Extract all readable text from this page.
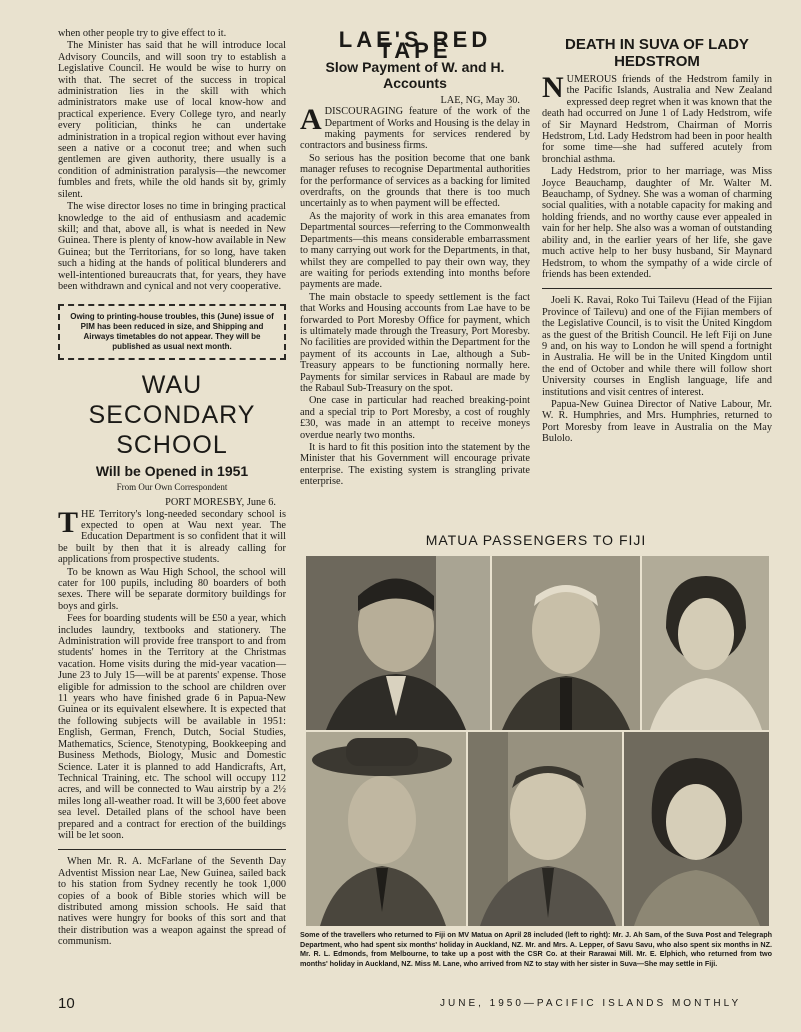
when other people try to give effect to it.

The Minister has said that he will introduce local Advisory Councils, and will soon try to establish a Legislative Council. He would be wise to hurry on with that. The secret of the success in tropical administration lies in the skill with which administrators make use of local know-how and practical experience. Every College tyro, and nearly every politician, thinks he can undertake administration in a tropical region without ever having seen a native or a coconut tree; and when such gentlemen are given authority, there usually is a condition of administration paralysis—the newcomer fumbles and frets, while the old hands sit by, grimly silent.

The wise director loses no time in bringing practical knowledge to the aid of enthusiasm and academic skill; and that, above all, is what is needed in New Guinea. There is plenty of know-how available in New Guinea; but the Territorians, for so long, have taken such a hiding at the hands of political blunderers and well-intentioned bureaucrats that, for years, they have been withdrawn and cynical and not very cooperative.

Owing to printing-house troubles, this (June) issue of PIM has been reduced in size, and Shipping and Airways timetables do not appear. They will be published as usual next month.
WAU SECONDARY SCHOOL
Will be Opened in 1951
From Our Own Correspondent
PORT MORESBY, June 6.

THE Territory's long-needed secondary school is expected to open at Wau next year. The Education Department is so confident that it will be built by then that it is already calling for applications from prospective students.

To be known as Wau High School, the school will cater for 100 pupils, including 80 boarders of both sexes. There will be separate dormitory buildings for boys and girls.

Fees for boarding students will be £50 a year, which includes laundry, textbooks and stationery. The Administration will provide free transport to and from students' homes in the Territory at the Christmas vacation. Home visits during the mid-year vacation—June 23 to July 15—will be at parents' expense. Those eligible for admission to the school are children over 11 years who have finished grade 6 in Papua-New Guinea or its equivalent elsewhere. It is expected that the following subjects will be available in 1951: English, German, French, Dutch, Social Studies, Mathematics, Science, Stenotyping, Bookkeeping and Business Methods, Biology, Music and Domestic Science. Later it is planned to add Handicrafts, Art, Technical Training, etc. The school will occupy 112 acres, and will be connected to Wau airstrip by a 2½ miles long all-weather road. It will be 3,600 feet above sea level. Detailed plans of the school have been prepared and a contract for erection of the buildings will be let soon.

When Mr. R. A. McFarlane of the Seventh Day Adventist Mission near Lae, New Guinea, sailed back to his station from Sydney recently he took 1,000 copies of a book of Bible stories which will be distributed among mission schools. He said that natives were hungry for books of this sort and that their distribution was a weapon against the spread of communism.

LAE'S RED TAPE
Slow Payment of W. and H. Accounts
LAE, NG, May 30.

ADISCOURAGING feature of the work of the Department of Works and Housing is the delay in making payments for services rendered by contractors and business firms.

So serious has the position become that one bank manager refuses to recognise Departmental authorities for the performance of services as a backing for limited overdrafts, on the grounds that there is too much uncertainly as to when payment will be effected.

As the majority of work in this area emanates from Departmental sources—referring to the Commonwealth Departments—this means considerable embarrassment to many carrying out work for the Departments, in that, whilst they are compelled to pay their own way, they are waiting for periods extending into months before payments are made.

The main obstacle to speedy settlement is the fact that Works and Housing accounts from Lae have to be forwarded to Port Moresby Office for payment, which is ultimately made through the Treasury, Port Moresby. No facilities are provided within the Department for the payment of its accounts in Lae, although a Sub-Treasury appears to be functioning normally here. Payments for similar services in Rabaul are made by the Rabaul Sub-Treasury on the spot.

One case in particular had reached breaking-point and a special trip to Port Moresby, a cost of roughly £30, was made in an attempt to receive moneys overdue nearly two months.

It is hard to fit this position into the statement by the Minister that his Government will encourage private enterprise. The existing system is strangling private enterprise.

DEATH IN SUVA OF LADY HEDSTROM

NUMEROUS friends of the Hedstrom family in the Pacific Islands, Australia and New Zealand expressed deep regret when it was known that the death had occurred on June 1 of Lady Hedstrom, wife of Sir Maynard Hedstrom, Chairman of Morris Hedstrom, Ltd. Lady Hedstrom had been in poor health for some time—she had suffered acutely from bronchial asthma.

Lady Hedstrom, prior to her marriage, was Miss Joyce Beauchamp, daughter of Mr. Walter M. Beauchamp, of Sydney. She was a woman of charming social qualities, with a notable capacity for making and holding friends, and no worthy cause ever appealed in vain for her help. She also was a woman of outstanding ability and, in the earlier years of her life, she gave much active help to her busy husband, Sir Maynard Hedstrom, to whom the sympathy of a wide circle of friends has been extended.

Joeli K. Ravai, Roko Tui Tailevu (Head of the Fijian Province of Tailevu) and one of the Fijian members of the Legislative Council, is to visit the United Kingdom as the guest of the British Council. He left Fiji on June 9 and, on his way to London he will spend a fortnight in Australia. He will be in the United Kingdom until the end of October and while there will follow short University courses in English language, life and institutions and visit centres of interest.

Papua-New Guinea Director of Native Labour, Mr. W. R. Humphries, and Mrs. Humphries, returned to Port Moresby from leave in Australia on the May Bulolo.

MATUA PASSENGERS TO FIJI
Some of the travellers who returned to Fiji on MV Matua on April 28 included (left to right): Mr. J. Ah Sam, of the Suva Post and Telegraph Department, who had spent six months' holiday in Auckland, NZ. Mr. and Mrs. A. Lepper, of Savu Savu, who also spent six months in NZ. Mr. R. L. Edmonds, from Melbourne, to take up a post with the CSR Co. at their Rarawai Mill. Mr. E. Elphich, who returned from two months' holiday in Auckland, NZ. Miss M. Lane, who arrived from NZ to stay with her sister in Suva—She may settle in Fiji.
10	JUNE, 1950—PACIFIC ISLANDS MONTHLY
